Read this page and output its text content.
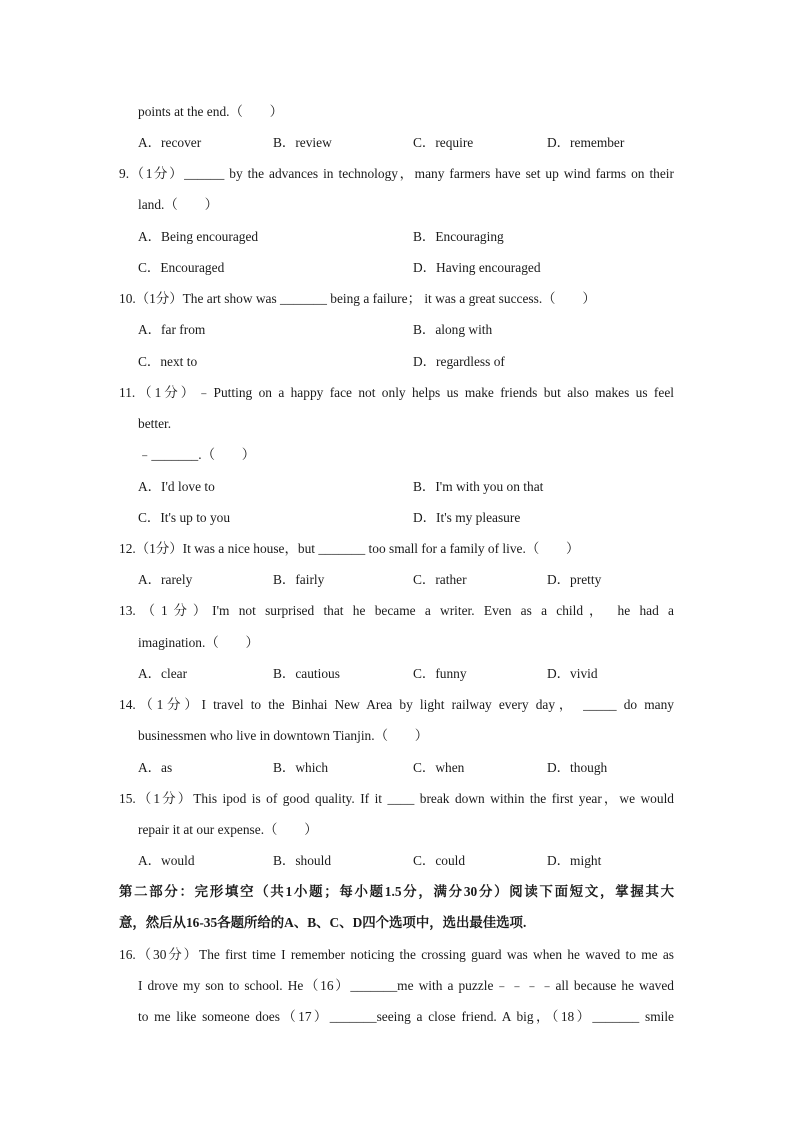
points at the end.（　　）
A．recover	B．review	C．require	D．remember
9.（1分）______ by the advances in technology，many farmers have set up wind farms on their
land.（　　）
A．Being encouraged	B．Encouraging
C．Encouraged	D．Having encouraged
10.（1分）The art show was _______ being a failure； it was a great success.（　　）
A．far from	B．along with
C．next to	D．regardless of
11.（1分）﹣Putting on a happy face not only helps us make friends but also makes us feel
better.
﹣_______.（　　）
A．I'd love to	B．I'm with you on that
C．It's up to you	D．It's my pleasure
12.（1分）It was a nice house，but _______ too small for a family of live.（　　）
A．rarely	B．fairly	C．rather	D．pretty
13.（1分）I'm not surprised that he became a writer. Even as a child， he had a
imagination.（　　）
A．clear	B．cautious	C．funny	D．vivid
14.（1分）I travel to the Binhai New Area by light railway every day， _____ do many
businessmen who live in downtown Tianjin.（　　）
A．as	B．which	C．when	D．though
15.（1分）This ipod is of good quality. If it ____ break down within the first year，we would
repair it at our expense.（　　）
A．would	B．should	C．could	D．might
第二部分：完形填空（共1小题；每小题1.5分，满分30分）阅读下面短文，掌握其大
意，然后从16-35各题所给的A、B、C、D四个选项中，选出最佳选项.
16.（30分）The first time I remember noticing the crossing guard was when he waved to me as
I drove my son to school. He（16）_______me with a puzzle﹣﹣﹣﹣all because he waved
to me like someone does（17）_______seeing a close friend. A big，（18）_______ smile
